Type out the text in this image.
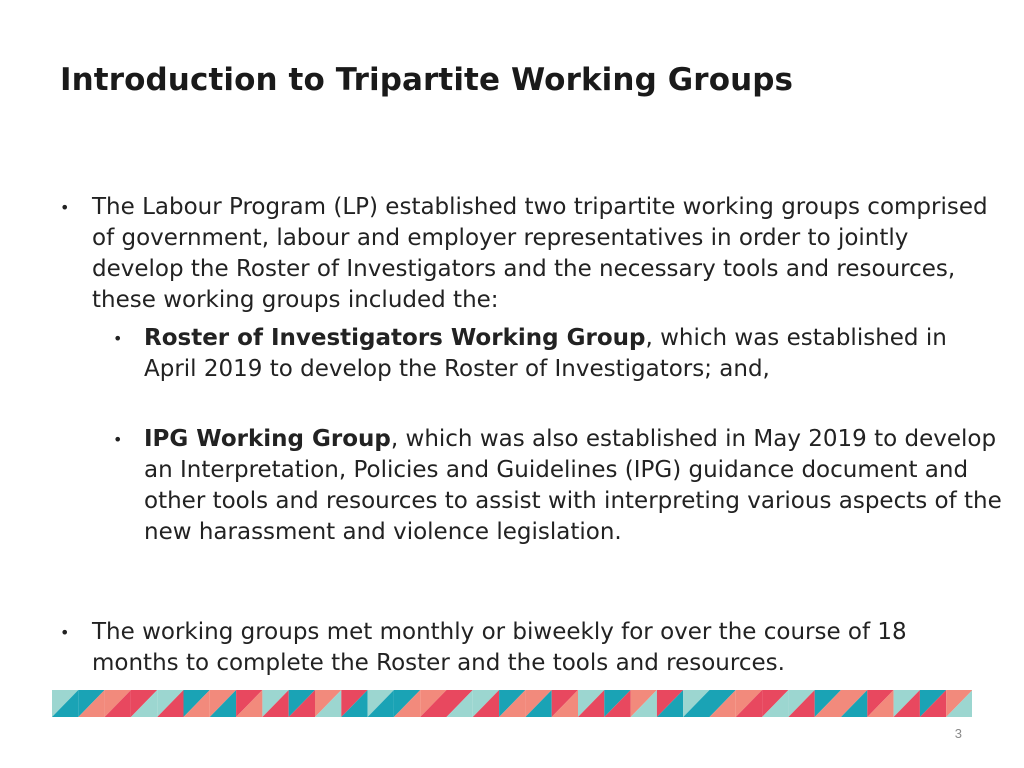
Introduction to Tripartite Working Groups
• The Labour Program (LP) established two tripartite working groups comprised of government, labour and employer representatives in order to jointly develop the Roster of Investigators and the necessary tools and resources, these working groups included the:

• Roster of Investigators Working Group, which was established in April 2019 to develop the Roster of Investigators; and,

• IPG Working Group, which was also established in May 2019 to develop an Interpretation, Policies and Guidelines (IPG) guidance document and other tools and resources to assist with interpreting various aspects of the new harassment and violence legislation.

• The working groups met monthly or biweekly for over the course of 18 months to complete the Roster and the tools and resources.

3
